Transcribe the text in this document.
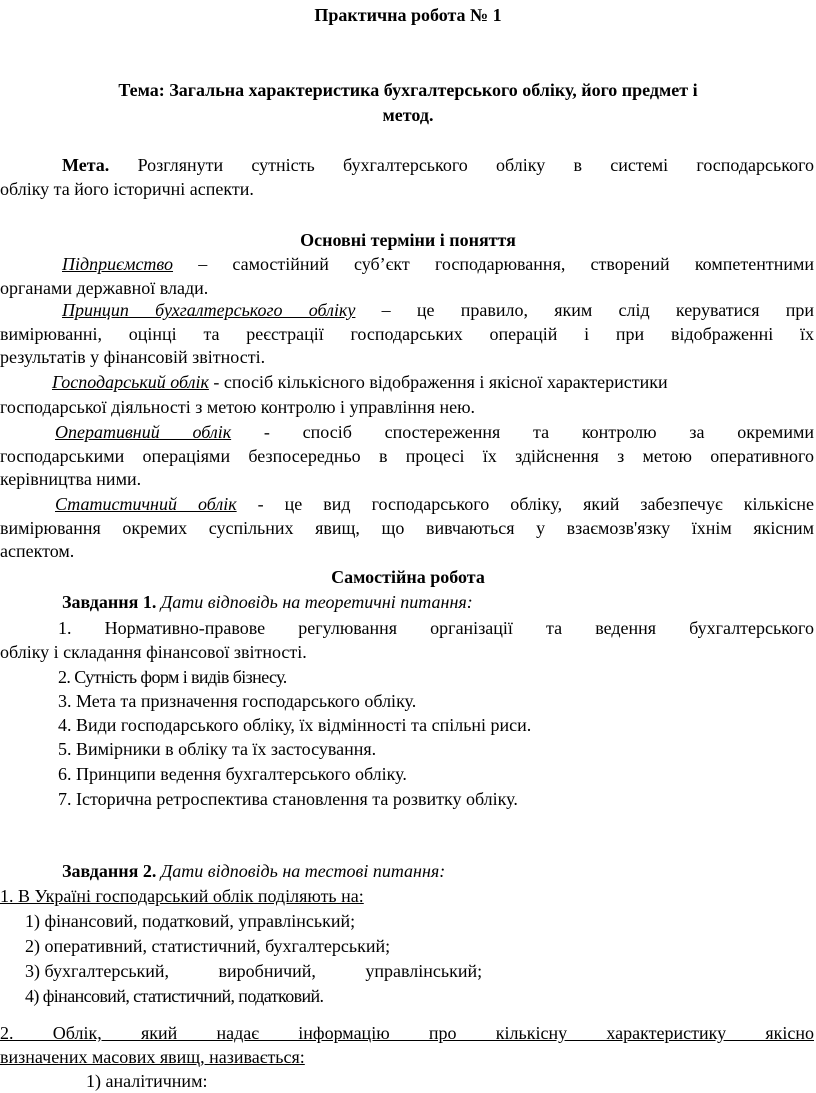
Практична робота № 1
Тема: Загальна характеристика бухгалтерського обліку, його предмет і
метод.
Мета. Розглянути сутність бухгалтерського обліку в системі господарського
обліку та його історичні аспекти.
Основні терміни і поняття
Підприємство – самостійний суб’єкт господарювання, створений компетентними
органами державної влади.
Принцип бухгалтерського обліку – це правило, яким слід керуватися при
вимірюванні, оцінці та реєстрації господарських операцій і при відображенні їх
результатів у фінансовій звітності.
Господарський облік - спосіб кількісного відображення і якісної характеристики
господарської діяльності з метою контролю і управління нею.
Оперативний облік - спосіб спостереження та контролю за окремими
господарськими операціями безпосередньо в процесі їх здійснення з метою оперативного
керівництва ними.
Статистичний облік - це вид господарського обліку, який забезпечує кількісне
вимірювання окремих суспільних явищ, що вивчаються у взаємозв'язку їхнім якісним
аспектом.
Самостійна робота
Завдання 1. Дати відповідь на теоретичні питання:
1. Нормативно-правове регулювання організації та ведення бухгалтерського
обліку і складання фінансової звітності.
2. Сутність форм і видів бізнесу.
3. Мета та призначення господарського обліку.
4. Види господарського обліку, їх відмінності та спільні риси.
5. Вимірники в обліку та їх застосування.
6. Принципи ведення бухгалтерського обліку.
7. Історична ретроспектива становлення та розвитку обліку.
Завдання 2. Дати відповідь на тестові питання:
1. В Україні господарський облік поділяють на:
1) фінансовий, податковий, управлінський;
2) оперативний, статистичний, бухгалтерський;
3) бухгалтерський,           виробничий,           управлінський;
4) фінансовий, статистичний, податковий.
2. Облік, який надає інформацію про кількісну характеристику якісно
визначених масових явищ, називається:
1) аналітичним:
